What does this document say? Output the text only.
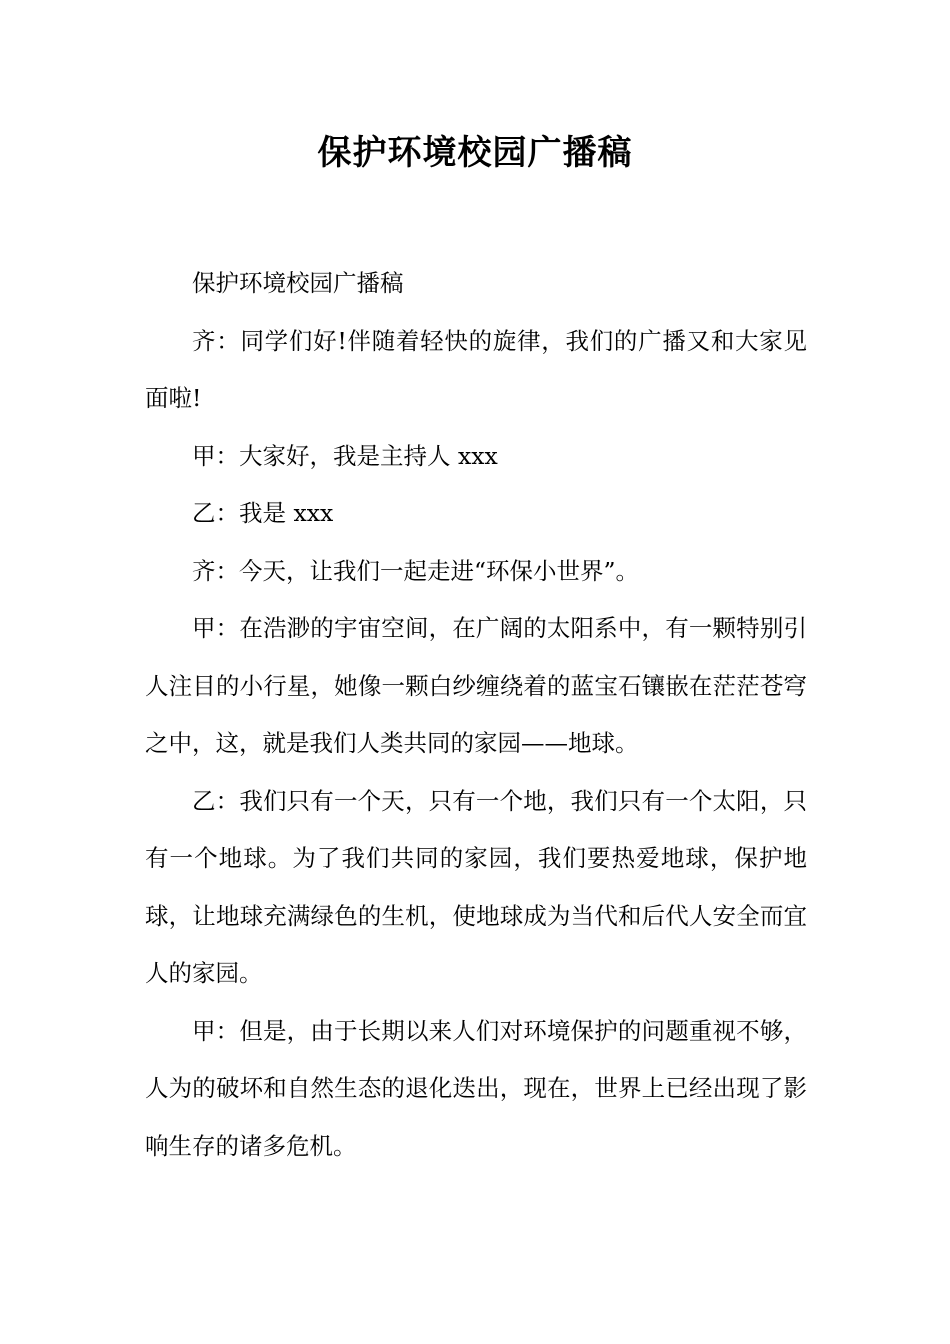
保护环境校园广播稿

保护环境校园广播稿

齐：同学们好!伴随着轻快的旋律，我们的广播又和大家见面啦!

甲：大家好，我是主持人 xxx

乙：我是 xxx

齐：今天，让我们一起走进“环保小世界”。

甲：在浩渺的宇宙空间，在广阔的太阳系中，有一颗特别引人注目的小行星，她像一颗白纱缠绕着的蓝宝石镶嵌在茫茫苍穹之中，这，就是我们人类共同的家园——地球。

乙：我们只有一个天，只有一个地，我们只有一个太阳，只有一个地球。为了我们共同的家园，我们要热爱地球，保护地球，让地球充满绿色的生机，使地球成为当代和后代人安全而宜人的家园。

甲：但是，由于长期以来人们对环境保护的问题重视不够，人为的破坏和自然生态的退化迭出，现在，世界上已经出现了影响生存的诸多危机。
